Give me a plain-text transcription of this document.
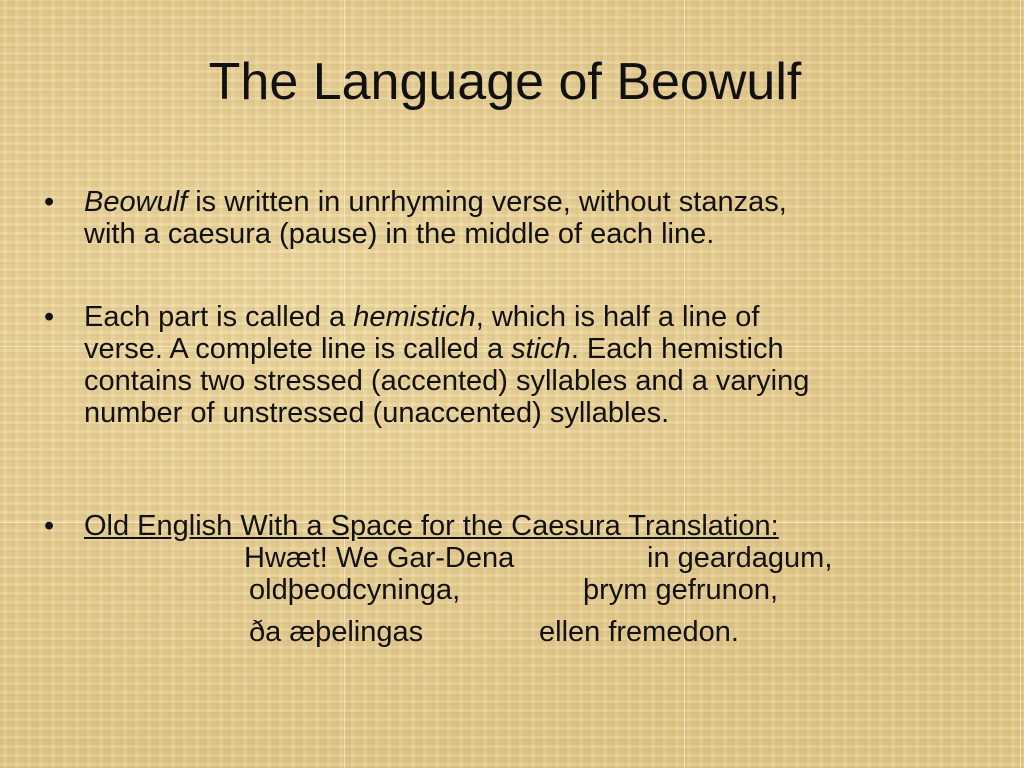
The Language of Beowulf
• Beowulf is written in unrhyming verse, without stanzas,
with a caesura (pause) in the middle of each line.
• Each part is called a hemistich, which is half a line of
verse. A complete line is called a stich. Each hemistich
contains two stressed (accented) syllables and a varying
number of unstressed (unaccented) syllables.
• Old English With a Space for the Caesura Translation:
Hwæt! We Gar-Dena	in geardagum,
oldþeodcyninga,	þrym gefrunon,
ða æþelingas	ellen fremedon.
